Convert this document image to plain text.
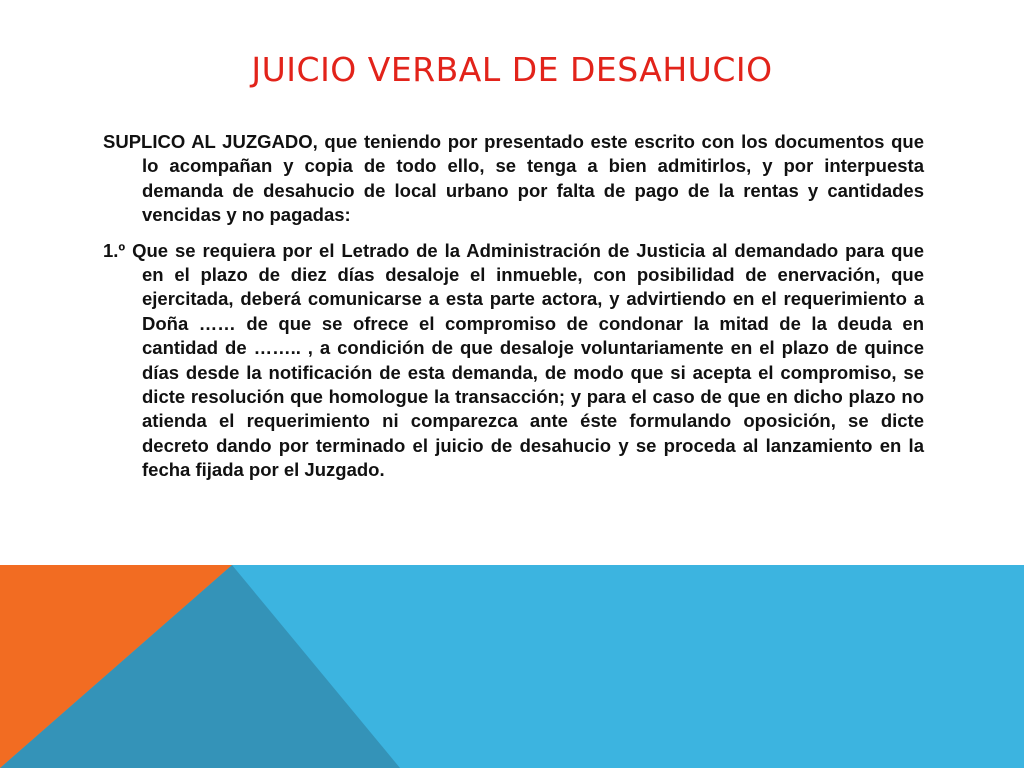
JUICIO VERBAL DE DESAHUCIO

SUPLICO AL JUZGADO, que teniendo por presentado este escrito con los documentos que lo acompañan y copia de todo ello, se tenga a bien admitirlos, y por interpuesta demanda de desahucio de local urbano por falta de pago de la rentas y cantidades vencidas y no pagadas:

1.º Que se requiera por el Letrado de la Administración de Justicia al demandado para que en el plazo de diez días desaloje el inmueble, con posibilidad de enervación, que ejercitada, deberá comunicarse a esta parte actora, y advirtiendo en el requerimiento a Doña …… de que se ofrece el compromiso de condonar la mitad de la deuda en cantidad de …….. , a condición de que desaloje voluntariamente en el plazo de quince días desde la notificación de esta demanda, de modo que si acepta el compromiso, se dicte resolución que homologue la transacción; y para el caso de que en dicho plazo no atienda el requerimiento ni comparezca ante éste formulando oposición, se dicte decreto dando por terminado el juicio de desahucio y se proceda al lanzamiento en la fecha fijada por el Juzgado.
